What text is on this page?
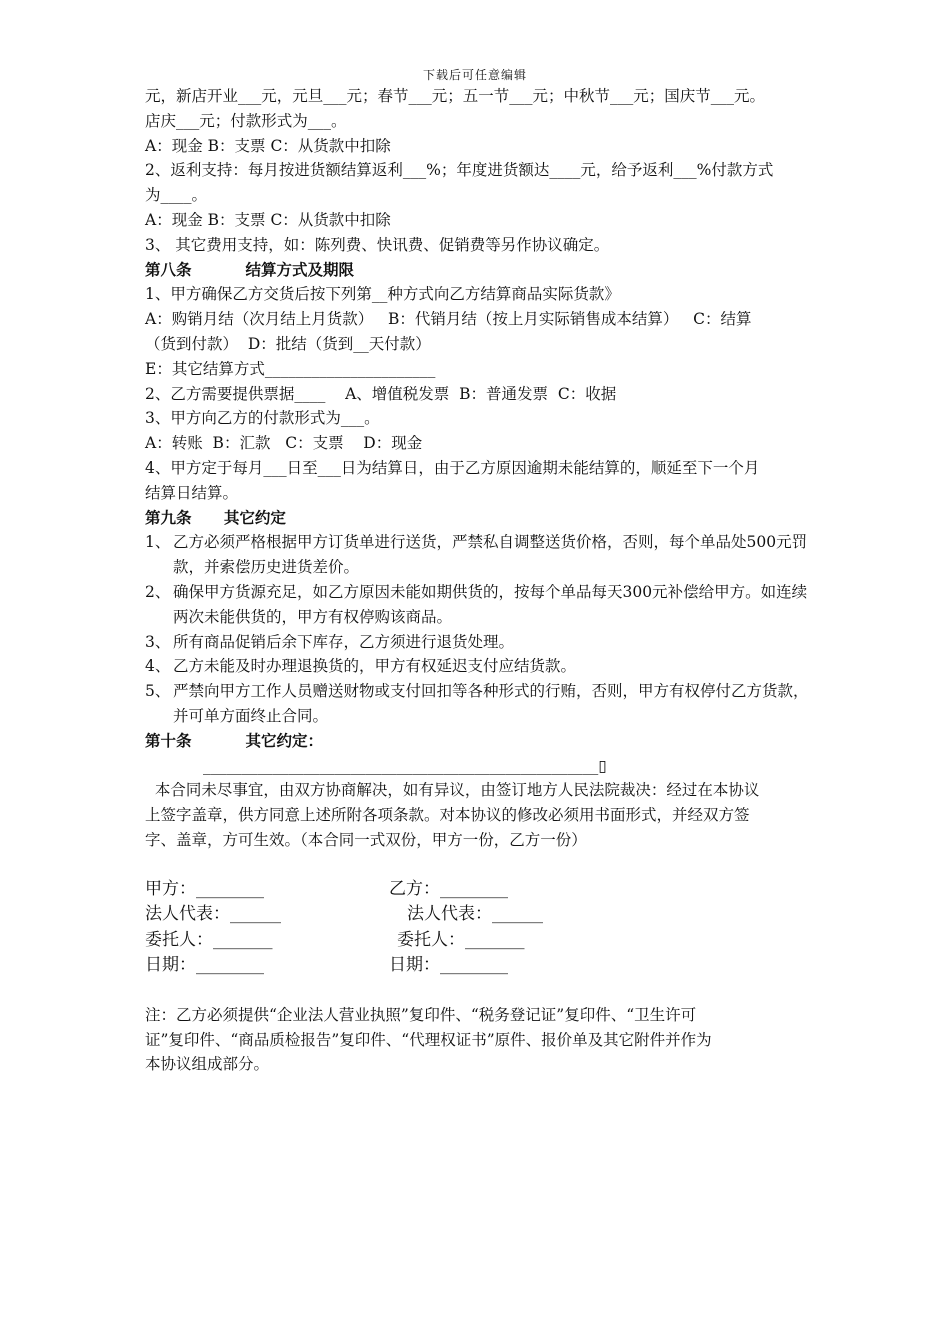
下载后可任意编辑
元，新店开业___元，元旦___元；春节___元；五一节___元；中秋节___元；国庆节___元。
店庆___元；付款形式为___。
A：现金 B：支票 C：从货款中扣除
2、返利支持：每月按进货额结算返利___%；年度进货额达____元，给予返利___%付款方式
为____。
A：现金 B：支票 C：从货款中扣除
3、 其它费用支持，如：陈列费、快讯费、促销费等另作协议确定。
第八条          结算方式及期限
1、甲方确保乙方交货后按下列第__种方式向乙方结算商品实际货款》
A：购销月结（次月结上月货款）   B：代销月结（按上月实际销售成本结算）   C：结算
（货到付款）  D：批结（货到__天付款）
E：其它结算方式______________________
2、乙方需要提供票据____    A、增值税发票  B：普通发票  C：收据
3、甲方向乙方的付款形式为___。
A：转账  B：汇款   C：支票    D：现金
4、甲方定于每月___日至___日为结算日，由于乙方原因逾期未能结算的，顺延至下一个月
结算日结算。
第九条      其它约定
1、 乙方必须严格根据甲方订货单进行送货，严禁私自调整送货价格，否则，每个单品处500元罚款，并索偿历史进货差价。
2、 确保甲方货源充足，如乙方原因未能如期供货的，按每个单品每天300元补偿给甲方。如连续两次未能供货的，甲方有权停购该商品。
3、 所有商品促销后余下库存，乙方须进行退货处理。
4、 乙方未能及时办理退换货的，甲方有权延迟支付应结货款。
5、 严禁向甲方工作人员赠送财物或支付回扣等各种形式的行贿，否则，甲方有权停付乙方货款，并可单方面终止合同。
第十条          其它约定：
___________________________________________________▯
本合同未尽事宜，由双方协商解决，如有异议，由签订地方人民法院裁决：经过在本协议
上签字盖章，供方同意上述所附各项条款。对本协议的修改必须用书面形式，并经双方签
字、盖章，方可生效。（本合同一式双份，甲方一份，乙方一份）
甲方：________	乙方：________
法人代表：______	法人代表：______
委托人：_______	委托人：_______
日期：________	日期：________
注：乙方必须提供“企业法人营业执照”复印件、“税务登记证”复印件、“卫生许可
证”复印件、“商品质检报告”复印件、“代理权证书”原件、报价单及其它附件并作为
本协议组成部分。
